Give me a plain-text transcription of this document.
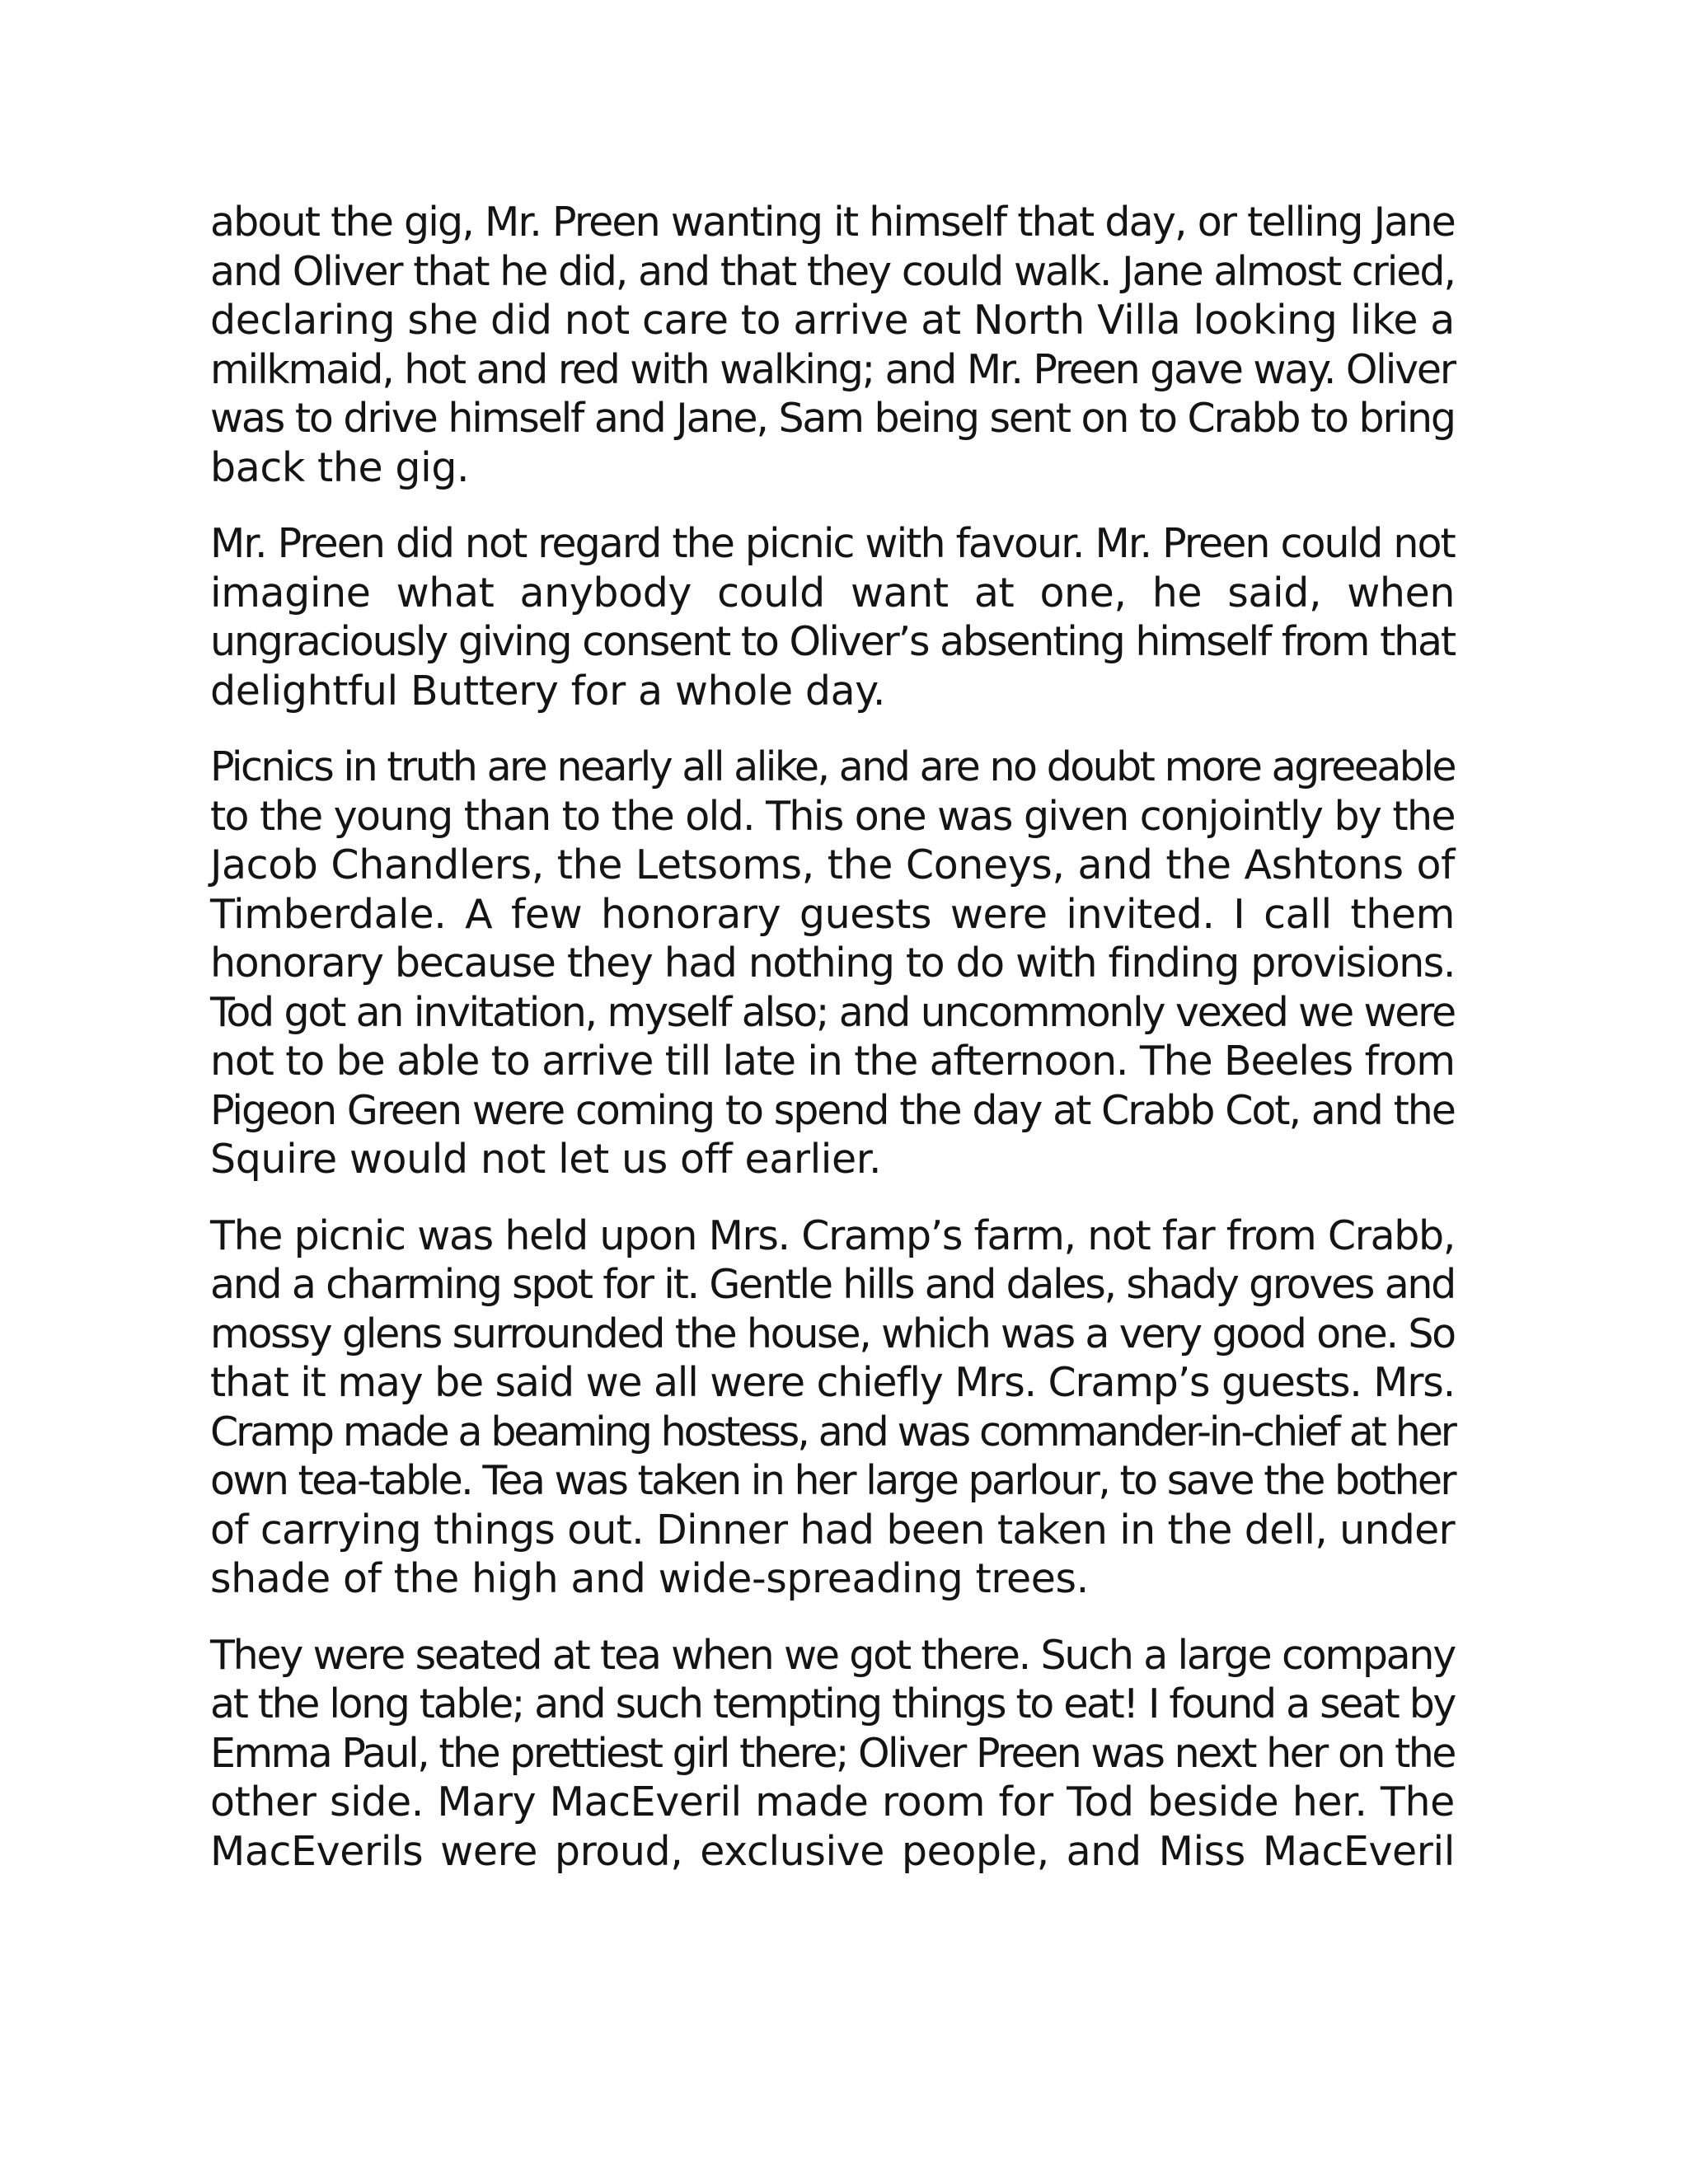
about the gig, Mr. Preen wanting it himself that day, or telling Jane
and Oliver that he did, and that they could walk. Jane almost cried,
declaring she did not care to arrive at North Villa looking like a
milkmaid, hot and red with walking; and Mr. Preen gave way. Oliver
was to drive himself and Jane, Sam being sent on to Crabb to bring
back the gig.
Mr. Preen did not regard the picnic with favour. Mr. Preen could not
imagine what anybody could want at one, he said, when
ungraciously giving consent to Oliver’s absenting himself from that
delightful Buttery for a whole day.
Picnics in truth are nearly all alike, and are no doubt more agreeable
to the young than to the old. This one was given conjointly by the
Jacob Chandlers, the Letsoms, the Coneys, and the Ashtons of
Timberdale. A few honorary guests were invited. I call them
honorary because they had nothing to do with finding provisions.
Tod got an invitation, myself also; and uncommonly vexed we were
not to be able to arrive till late in the afternoon. The Beeles from
Pigeon Green were coming to spend the day at Crabb Cot, and the
Squire would not let us off earlier.
The picnic was held upon Mrs. Cramp’s farm, not far from Crabb,
and a charming spot for it. Gentle hills and dales, shady groves and
mossy glens surrounded the house, which was a very good one. So
that it may be said we all were chiefly Mrs. Cramp’s guests. Mrs.
Cramp made a beaming hostess, and was commander-in-chief at her
own tea-table. Tea was taken in her large parlour, to save the bother
of carrying things out. Dinner had been taken in the dell, under
shade of the high and wide-spreading trees.
They were seated at tea when we got there. Such a large company
at the long table; and such tempting things to eat! I found a seat by
Emma Paul, the prettiest girl there; Oliver Preen was next her on the
other side. Mary MacEveril made room for Tod beside her. The
MacEverils were proud, exclusive people, and Miss MacEveril
